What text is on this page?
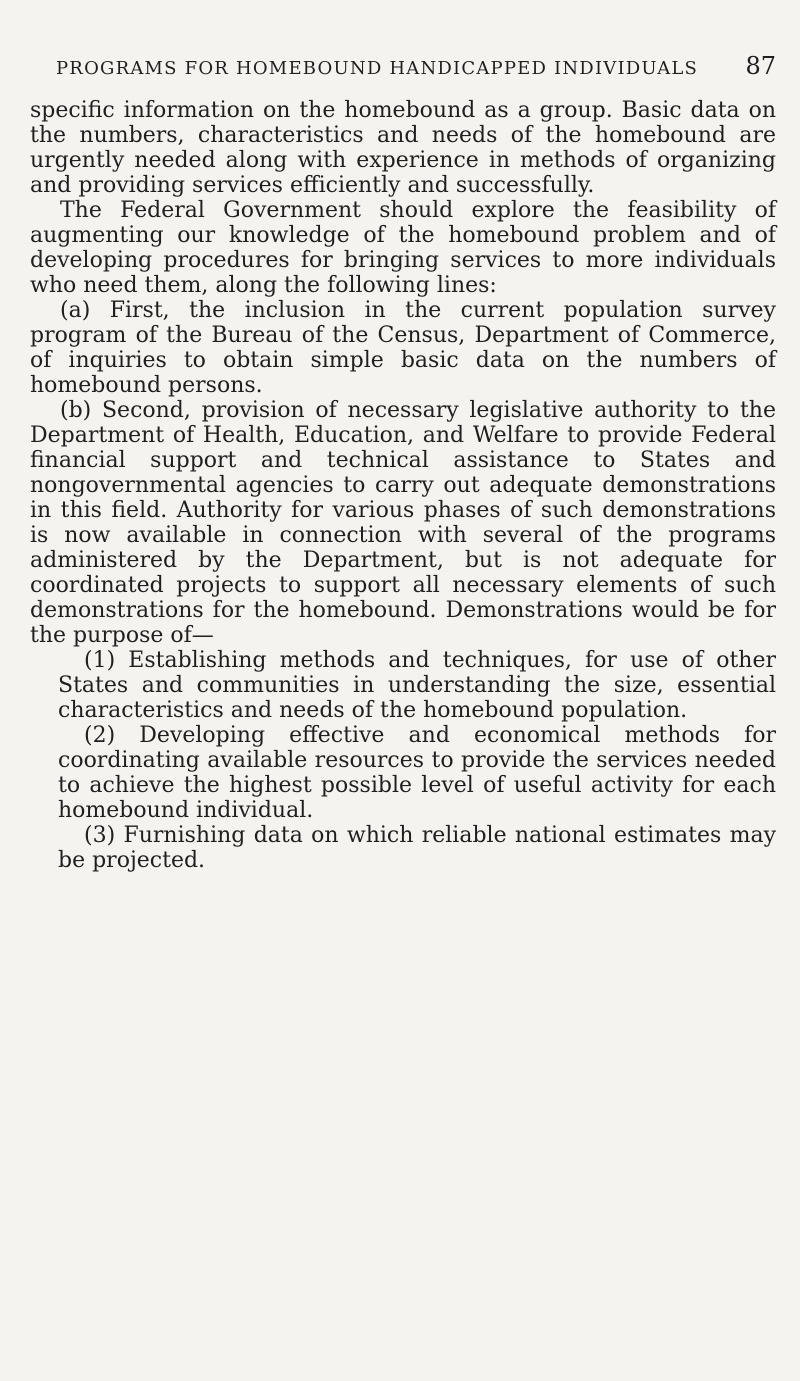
PROGRAMS FOR HOMEBOUND HANDICAPPED INDIVIDUALS 87

specific information on the homebound as a group. Basic data on the numbers, characteristics and needs of the homebound are urgently needed along with experience in methods of organizing and providing services efficiently and successfully.

The Federal Government should explore the feasibility of augmenting our knowledge of the homebound problem and of developing procedures for bringing services to more individuals who need them, along the following lines:

(a) First, the inclusion in the current population survey program of the Bureau of the Census, Department of Commerce, of inquiries to obtain simple basic data on the numbers of homebound persons.

(b) Second, provision of necessary legislative authority to the Department of Health, Education, and Welfare to provide Federal financial support and technical assistance to States and nongovernmental agencies to carry out adequate demonstrations in this field. Authority for various phases of such demonstrations is now available in connection with several of the programs administered by the Department, but is not adequate for coordinated projects to support all necessary elements of such demonstrations for the homebound. Demonstrations would be for the purpose of—

(1) Establishing methods and techniques, for use of other States and communities in understanding the size, essential characteristics and needs of the homebound population.

(2) Developing effective and economical methods for coordinating available resources to provide the services needed to achieve the highest possible level of useful activity for each homebound individual.

(3) Furnishing data on which reliable national estimates may be projected.
